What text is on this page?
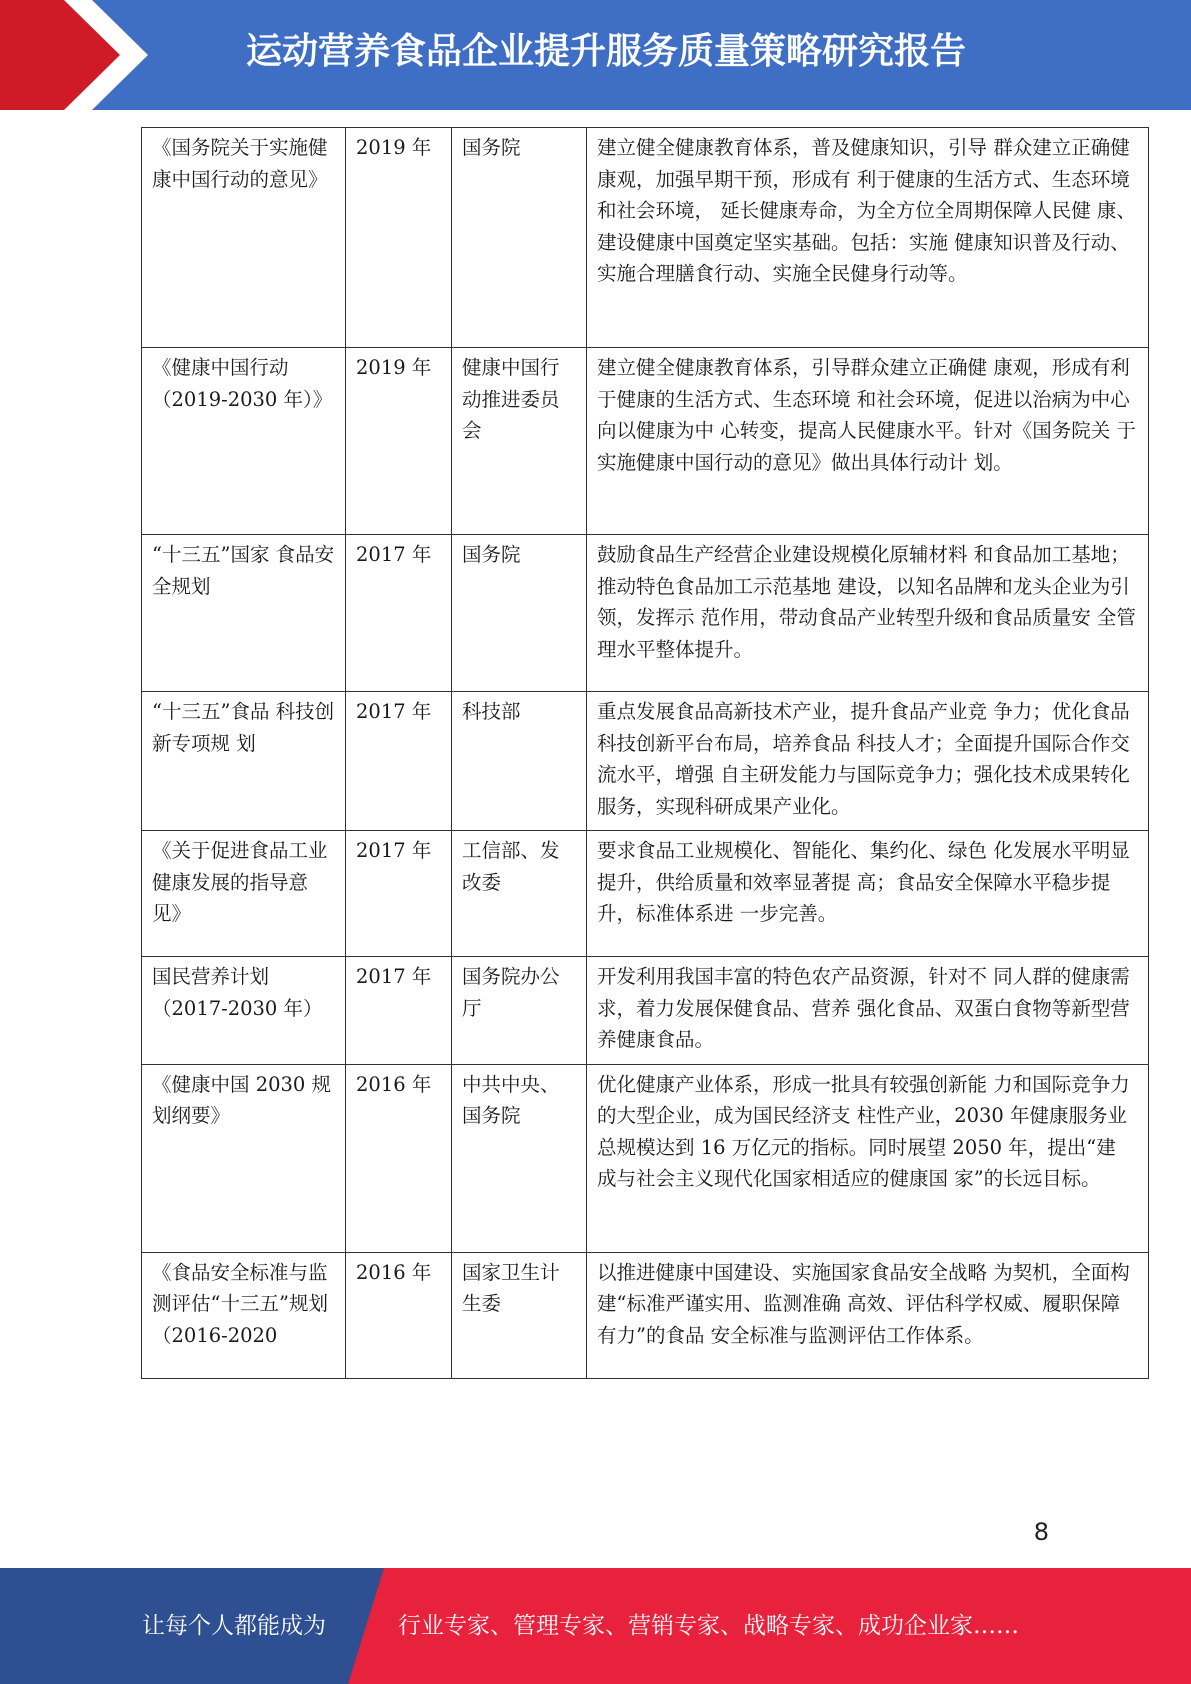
运动营养食品企业提升服务质量策略研究报告
《国务院关于实施健康中国行动的意见》	2019 年	国务院	建立健全健康教育体系，普及健康知识，引导 群众建立正确健康观，加强早期干预，形成有 利于健康的生活方式、生态环境和社会环境， 延长健康寿命，为全方位全周期保障人民健 康、建设健康中国奠定坚实基础。包括：实施 健康知识普及行动、实施合理膳食行动、实施全民健身行动等。
《健康中国行动（2019-2030 年）》	2019 年	健康中国行动推进委员会	建立健全健康教育体系，引导群众建立正确健 康观，形成有利于健康的生活方式、生态环境 和社会环境，促进以治病为中心向以健康为中 心转变，提高人民健康水平。针对《国务院关 于实施健康中国行动的意见》做出具体行动计 划。
“十三五”国家 食品安全规划	2017 年	国务院	鼓励食品生产经营企业建设规模化原辅材料 和食品加工基地；推动特色食品加工示范基地 建设，以知名品牌和龙头企业为引领，发挥示 范作用，带动食品产业转型升级和食品质量安 全管理水平整体提升。
“十三五”食品 科技创新专项规 划	2017 年	科技部	重点发展食品高新技术产业，提升食品产业竞 争力；优化食品科技创新平台布局，培养食品 科技人才；全面提升国际合作交流水平，增强 自主研发能力与国际竞争力；强化技术成果转化服务，实现科研成果产业化。
《关于促进食品工业健康发展的指导意见》	2017 年	工信部、发改委	要求食品工业规模化、智能化、集约化、绿色 化发展水平明显提升，供给质量和效率显著提 高；食品安全保障水平稳步提升，标准体系进 一步完善。
国民营养计划（2017-2030 年）	2017 年	国务院办公厅	开发利用我国丰富的特色农产品资源，针对不 同人群的健康需求，着力发展保健食品、营养 强化食品、双蛋白食物等新型营养健康食品。
《健康中国 2030 规划纲要》	2016 年	中共中央、国务院	优化健康产业体系，形成一批具有较强创新能 力和国际竞争力的大型企业，成为国民经济支 柱性产业，2030 年健康服务业总规模达到 16 万亿元的指标。同时展望 2050 年，提出“建 成与社会主义现代化国家相适应的健康国 家”的长远目标。
《食品安全标准与监测评估“十三五”规划（2016-2020	2016 年	国家卫生计生委	以推进健康中国建设、实施国家食品安全战略 为契机，全面构建“标准严谨实用、监测准确 高效、评估科学权威、履职保障有力”的食品 安全标准与监测评估工作体系。
8
让每个人都能成为	行业专家、管理专家、营销专家、战略专家、成功企业家……
